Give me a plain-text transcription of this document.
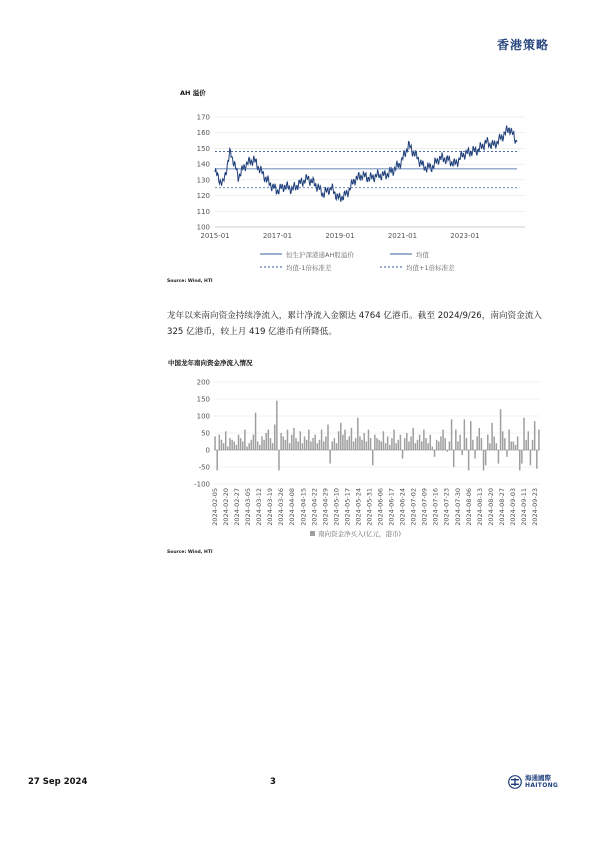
香港策略
AH 溢价
100
110
120
130
140
150
160
170
2015-01	2017-01	2019-01	2021-01	2023-01
恒生沪深港通AH股溢价	均值
均值-1倍标准差	均值+1倍标准差
Source: Wind, HTI
龙年以来南向资金持续净流入，累计净流入金额达 4764 亿港币。截至 2024/9/26，南向资金流入 325 亿港币，较上月 419 亿港币有所降低。
中国龙年南向资金净流入情况
-100
-50
0
50
100
150
200
2024-02-05 2024-02-20 2024-02-27 2024-03-05 2024-03-12 2024-03-19 2024-03-26 2024-04-08 2024-04-15 2024-04-22 2024-04-29 2024-05-10 2024-05-17 2024-05-24 2024-05-31 2024-06-06 2024-06-17 2024-06-24 2024-07-02 2024-07-09 2024-07-16 2024-07-23 2024-07-30 2024-08-06 2024-08-13 2024-08-20 2024-08-27 2024-09-03 2024-09-11 2024-09-23
南向资金净买入(亿元，港币)
Source: Wind, HTI
27 Sep 2024	3	海通國際
HAITONG
